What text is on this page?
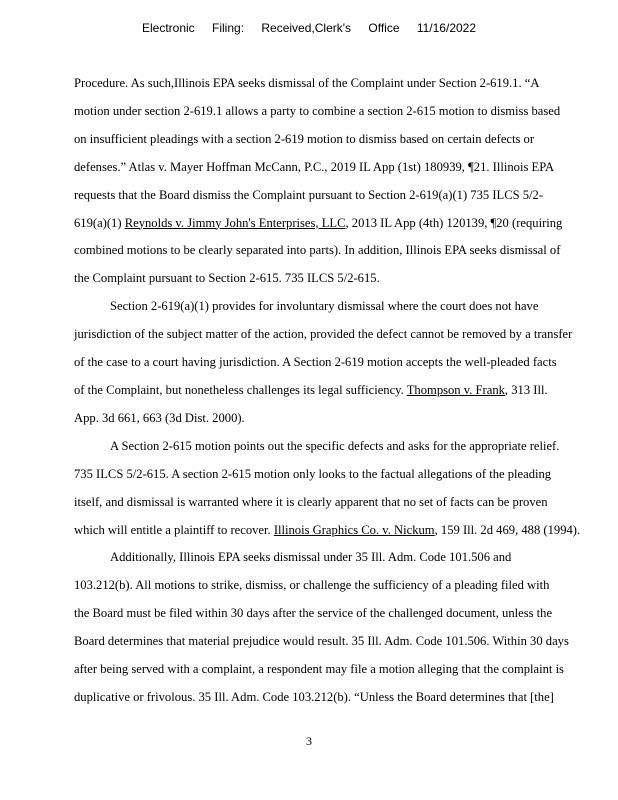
Electronic Filing: Received,Clerk's Office 11/16/2022
Procedure. As such,Illinois EPA seeks dismissal of the Complaint under Section 2-619.1. “A
motion under section 2-619.1 allows a party to combine a section 2-615 motion to dismiss based
on insufficient pleadings with a section 2-619 motion to dismiss based on certain defects or
defenses.” Atlas v. Mayer Hoffman McCann, P.C., 2019 IL App (1st) 180939, ¶21. Illinois EPA
requests that the Board dismiss the Complaint pursuant to Section 2-619(a)(1) 735 ILCS 5/2-
619(a)(1) Reynolds v. Jimmy John's Enterprises, LLC, 2013 IL App (4th) 120139, ¶20 (requiring
combined motions to be clearly separated into parts). In addition, Illinois EPA seeks dismissal of
the Complaint pursuant to Section 2-615. 735 ILCS 5/2-615.
Section 2-619(a)(1) provides for involuntary dismissal where the court does not have
jurisdiction of the subject matter of the action, provided the defect cannot be removed by a transfer
of the case to a court having jurisdiction. A Section 2-619 motion accepts the well-pleaded facts
of the Complaint, but nonetheless challenges its legal sufficiency. Thompson v. Frank, 313 Ill.
App. 3d 661, 663 (3d Dist. 2000).
A Section 2-615 motion points out the specific defects and asks for the appropriate relief.
735 ILCS 5/2-615. A section 2-615 motion only looks to the factual allegations of the pleading
itself, and dismissal is warranted where it is clearly apparent that no set of facts can be proven
which will entitle a plaintiff to recover. Illinois Graphics Co. v. Nickum, 159 Ill. 2d 469, 488 (1994).
Additionally, Illinois EPA seeks dismissal under 35 Ill. Adm. Code 101.506 and
103.212(b). All motions to strike, dismiss, or challenge the sufficiency of a pleading filed with
the Board must be filed within 30 days after the service of the challenged document, unless the
Board determines that material prejudice would result. 35 Ill. Adm. Code 101.506. Within 30 days
after being served with a complaint, a respondent may file a motion alleging that the complaint is
duplicative or frivolous. 35 Ill. Adm. Code 103.212(b). “Unless the Board determines that [the]
3
